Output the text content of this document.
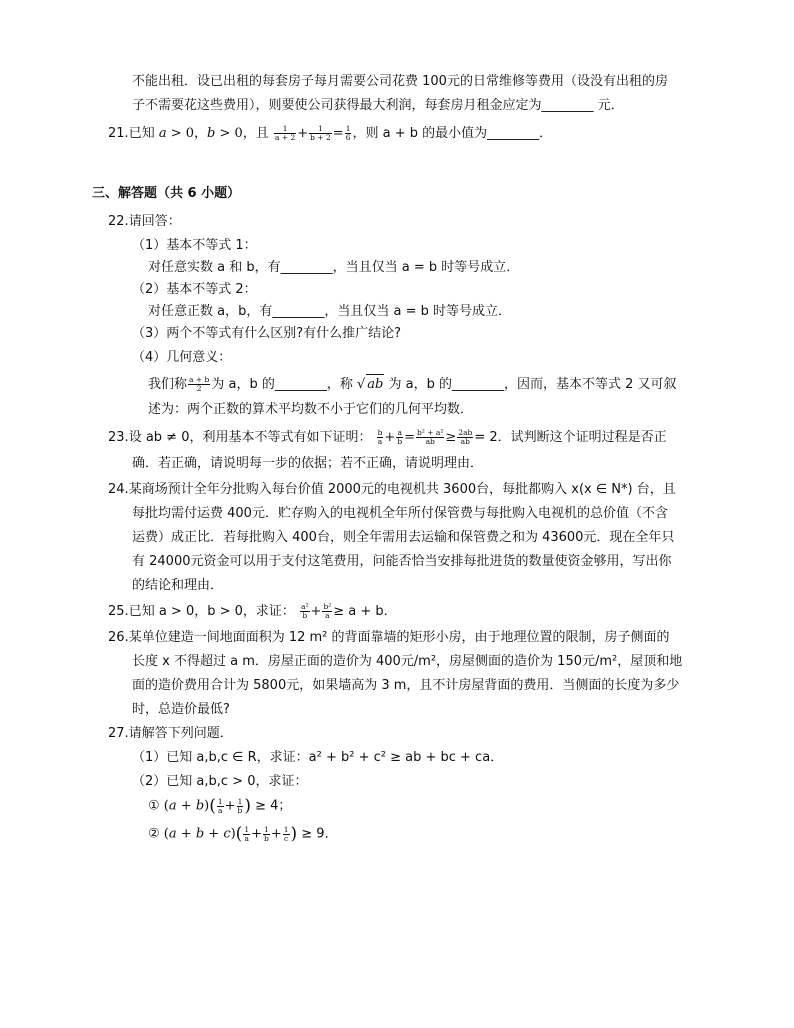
不能出租．设已出租的每套房子每月需要公司花费 100元的日常维修等费用（设没有出租的房
子不需要花这些费用），则要使公司获得最大利润，每套房月租金应定为________ 元．
21.已知 a > 0，b > 0，且 $\frac{1}{a + 2} + \frac{1}{b + 2} = \frac{1}{6}$ ，则 a + b 的最小值为________．
三、解答题（共 6 小题）
22.请回答：
（1）基本不等式 1：
对任意实数 a 和 b，有________，当且仅当 a = b 时等号成立．
（2）基本不等式 2：
对任意正数 a，b，有________，当且仅当 a = b 时等号成立．
（3）两个不等式有什么区别?有什么推广结论?
（4）几何意义：
我们称 $\frac{a + b}{2}$ 为 a，b 的________，称 √ ab 为 a，b 的________，因而，基本不等式 2 又可叙
述为：两个正数的算术平均数不小于它们的几何平均数．
23.设 ab ≠ 0，利用基本不等式有如下证明： $\frac{b}{a} + \frac{a}{b} = \frac{\text{b² + a²}}{ab} \ge \frac{2ab}{ab} = 2$．试判断这个证明过程是否正
确．若正确，请说明每一步的依据；若不正确，请说明理由．
24.某商场预计全年分批购入每台价值 2000元的电视机共 3600台，每批都购入 x(x ∈ N*) 台，且
每批均需付运费 400元．贮存购入的电视机全年所付保管费与每批购入电视机的总价值（不含
运费）成正比．若每批购入 400台，则全年需用去运输和保管费之和为 43600元．现在全年只
有 24000元资金可以用于支付这笔费用，问能否恰当安排每批进货的数量使资金够用，写出你
的结论和理由．
25.已知 a > 0，b > 0，求证： $\frac{\text{a²}}{b} + \frac{\text{b²}}{a} \ge a + b$．
26.某单位建造一间地面面积为 12 m² 的背面靠墙的矩形小房，由于地理位置的限制，房子侧面的
长度 x 不得超过 a m．房屋正面的造价为 400元/m²，房屋侧面的造价为 150元/m²，屋顶和地
面的造价费用合计为 5800元，如果墙高为 3 m，且不计房屋背面的费用．当侧面的长度为多少
时，总造价最低?
27.请解答下列问题．
（1）已知 a,b,c ∈ R，求证：a² + b² + c² ≥ ab + bc + ca．
（2）已知 a,b,c > 0，求证：
① $(a + b)( \frac{1}{a} + \frac{1}{b}$ ) ≥ 4；
② $(a + b + c)( \frac{1}{a} + \frac{1}{b} + \frac{1}{c}$ ) ≥ 9．
